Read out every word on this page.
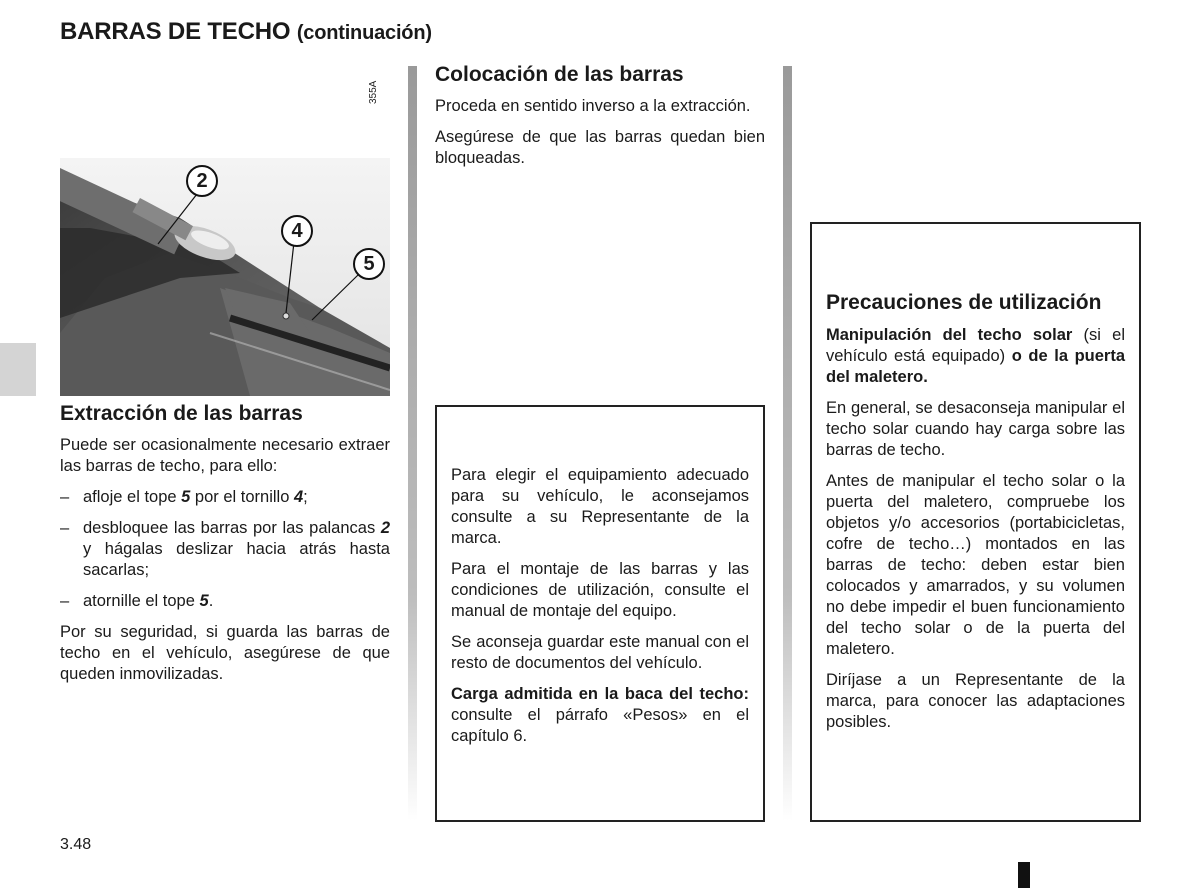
BARRAS DE TECHO (continuación)
355A
2
4
5
Extracción de las barras

Puede ser ocasionalmente necesario extraer las barras de techo, para ello:

– afloje el tope 5 por el tornillo 4;
– desbloquee las barras por las palancas 2 y hágalas deslizar hacia atrás hasta sacarlas;
– atornille el tope 5.

Por su seguridad, si guarda las barras de techo en el vehículo, asegúrese de que queden inmovilizadas.

Colocación de las barras

Proceda en sentido inverso a la extracción.

Asegúrese de que las barras quedan bien bloqueadas.

Para elegir el equipamiento adecuado para su vehículo, le aconsejamos consulte a su Representante de la marca.

Para el montaje de las barras y las condiciones de utilización, consulte el manual de montaje del equipo.

Se aconseja guardar este manual con el resto de documentos del vehículo.

Carga admitida en la baca del techo: consulte el párrafo «Pesos» en el capítulo 6.

Precauciones de utilización

Manipulación del techo solar (si el vehículo está equipado) o de la puerta del maletero.

En general, se desaconseja manipular el techo solar cuando hay carga sobre las barras de techo.

Antes de manipular el techo solar o la puerta del maletero, compruebe los objetos y/o accesorios (portabicicletas, cofre de techo…) montados en las barras de techo: deben estar bien colocados y amarrados, y su volumen no debe impedir el buen funcionamiento del techo solar o de la puerta del maletero.

Diríjase a un Representante de la marca, para conocer las adaptaciones posibles.

3.48
